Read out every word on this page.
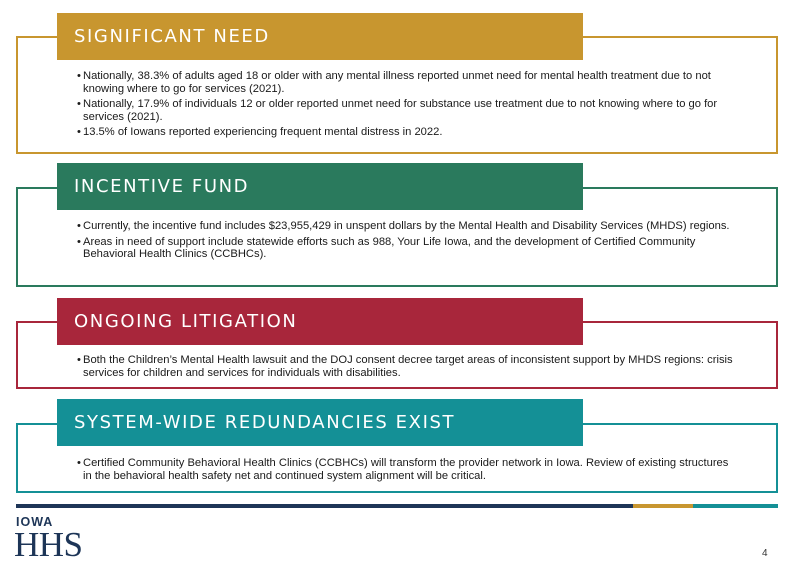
SIGNIFICANT NEED
• Nationally, 38.3% of adults aged 18 or older with any mental illness reported unmet need for mental health treatment due to not knowing where to go for services (2021).
• Nationally, 17.9% of individuals 12 or older reported unmet need for substance use treatment due to not knowing where to go for services (2021).
• 13.5% of Iowans reported experiencing frequent mental distress in 2022.
INCENTIVE FUND
• Currently, the incentive fund includes $23,955,429 in unspent dollars by the Mental Health and Disability Services (MHDS) regions.
• Areas in need of support include statewide efforts such as 988, Your Life Iowa, and the development of Certified Community Behavioral Health Clinics (CCBHCs).
ONGOING LITIGATION
• Both the Children’s Mental Health lawsuit and the DOJ consent decree target areas of inconsistent support by MHDS regions: crisis services for children and services for individuals with disabilities.
SYSTEM-WIDE REDUNDANCIES EXIST
• Certified Community Behavioral Health Clinics (CCBHCs) will transform the provider network in Iowa. Review of existing structures in the behavioral health safety net and continued system alignment will be critical.
IOWA
HHS	4
